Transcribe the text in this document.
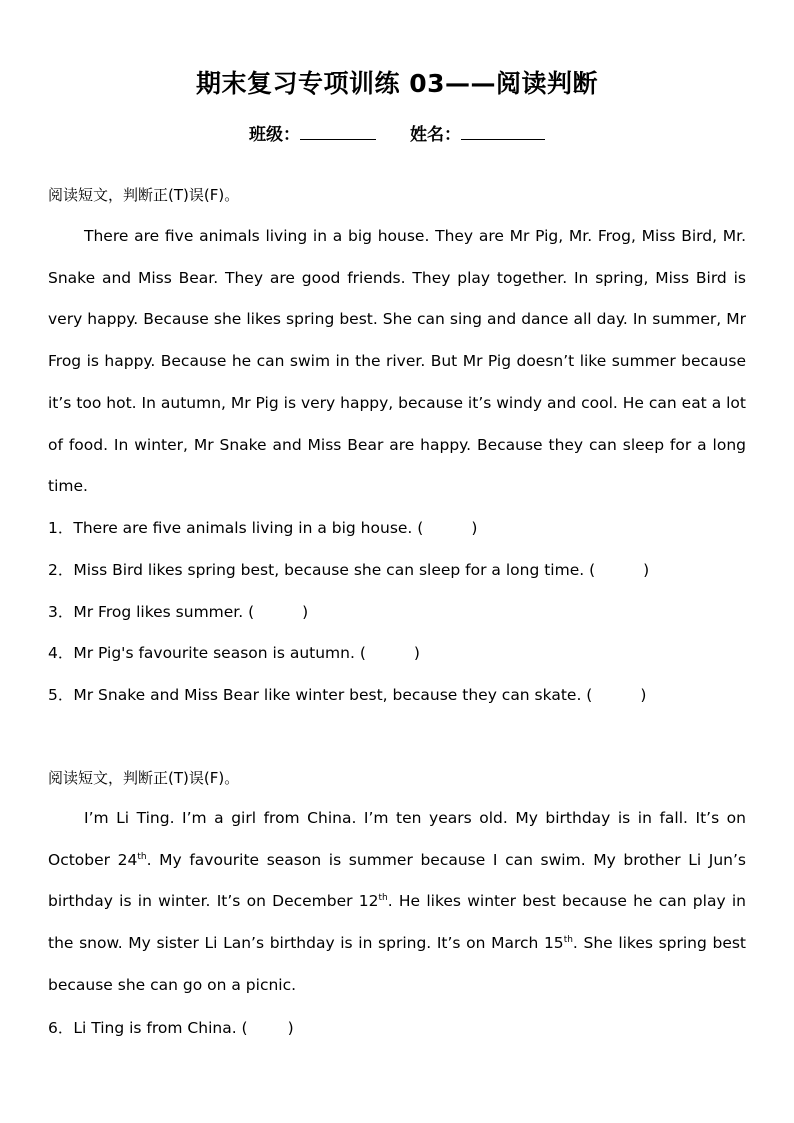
期末复习专项训练 03——阅读判断
班级：	姓名：
阅读短文，判断正(T)误(F)。
There are five animals living in a big house. They are Mr Pig, Mr. Frog, Miss Bird, Mr. Snake and Miss Bear. They are good friends. They play together. In spring, Miss Bird is very happy. Because she likes spring best. She can sing and dance all day. In summer, Mr Frog is happy. Because he can swim in the river. But Mr Pig doesn’t like summer because it’s too hot. In autumn, Mr Pig is very happy, because it’s windy and cool. He can eat a lot of food. In winter, Mr Snake and Miss Bear are happy. Because they can sleep for a long time.
1．There are five animals living in a big house. (	)
2．Miss Bird likes spring best, because she can sleep for a long time. (	)
3．Mr Frog likes summer. (	)
4．Mr Pig's favourite season is autumn. (	)
5．Mr Snake and Miss Bear like winter best, because they can skate. (	)
阅读短文，判断正(T)误(F)。
I’m Li Ting. I’m a girl from China. I’m ten years old. My birthday is in fall. It’s on October 24th. My favourite season is summer because I can swim. My brother Li Jun’s birthday is in winter. It’s on December 12th. He likes winter best because he can play in the snow. My sister Li Lan’s birthday is in spring. It’s on March 15th. She likes spring best because she can go on a picnic.
6．Li Ting is from China. (	)
